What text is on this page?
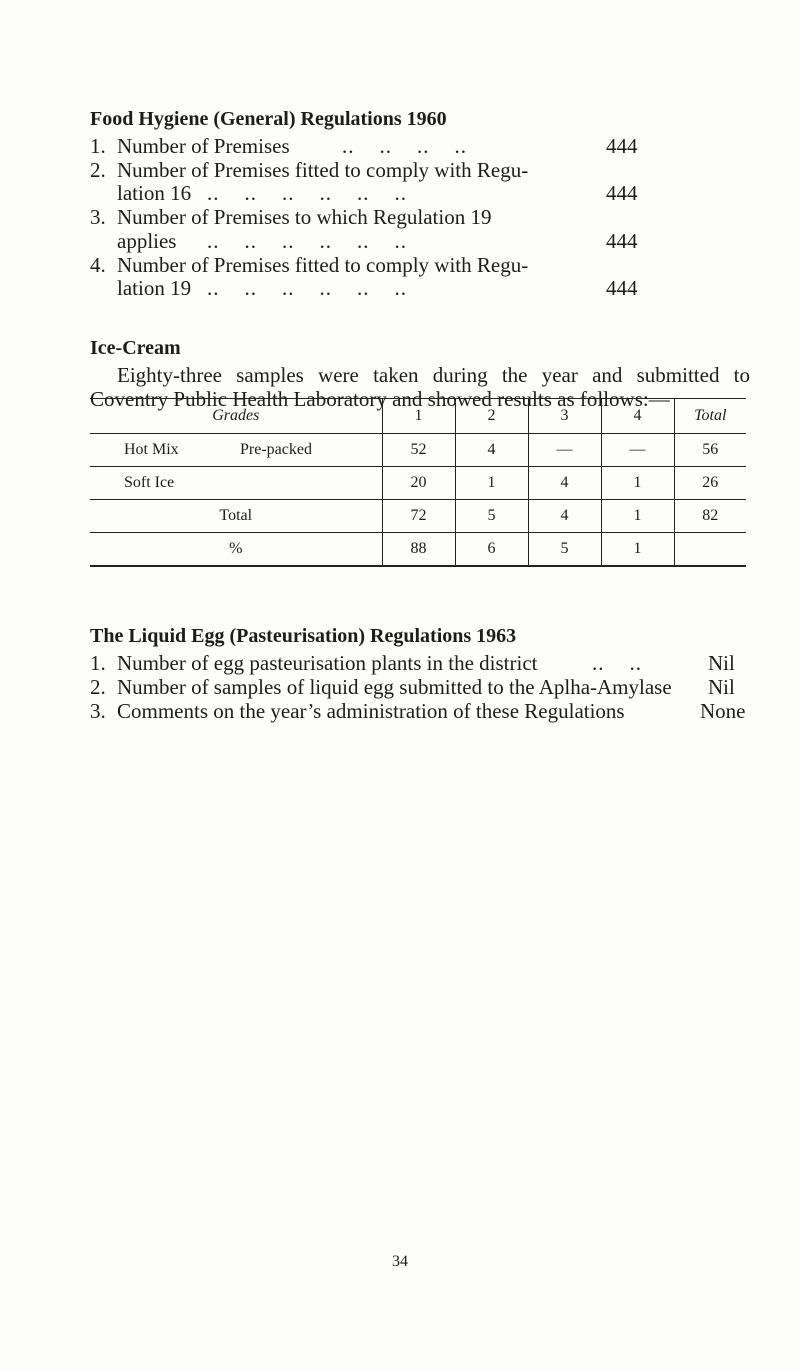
Food Hygiene (General) Regulations 1960
1. Number of Premises ..    ..    ..    ..	444
2. Number of Premises fitted to comply with Regu-
lation 16 ..    ..    ..    ..    ..    ..	444
3. Number of Premises to which Regulation 19
applies ..    ..    ..    ..    ..    ..	444
4. Number of Premises fitted to comply with Regu-
lation 19 ..    ..    ..    ..    ..    ..	444
Ice-Cream
Eighty-three samples were taken during the year and submitted to
Coventry Public Health Laboratory and showed results as follows:—
Grades	1	2	3	4	Total
Hot Mix Pre-packed	52	4	—	—	56
Soft Ice	20	1	4	1	26
Total	72	5	4	1	82
%	88	6	5	1	
The Liquid Egg (Pasteurisation) Regulations 1963
1. Number of egg pasteurisation plants in the district	..    ..	Nil
2. Number of samples of liquid egg submitted to the Aplha-Amylase Nil
3. Comments on the year’s administration of these Regulations	None
34
